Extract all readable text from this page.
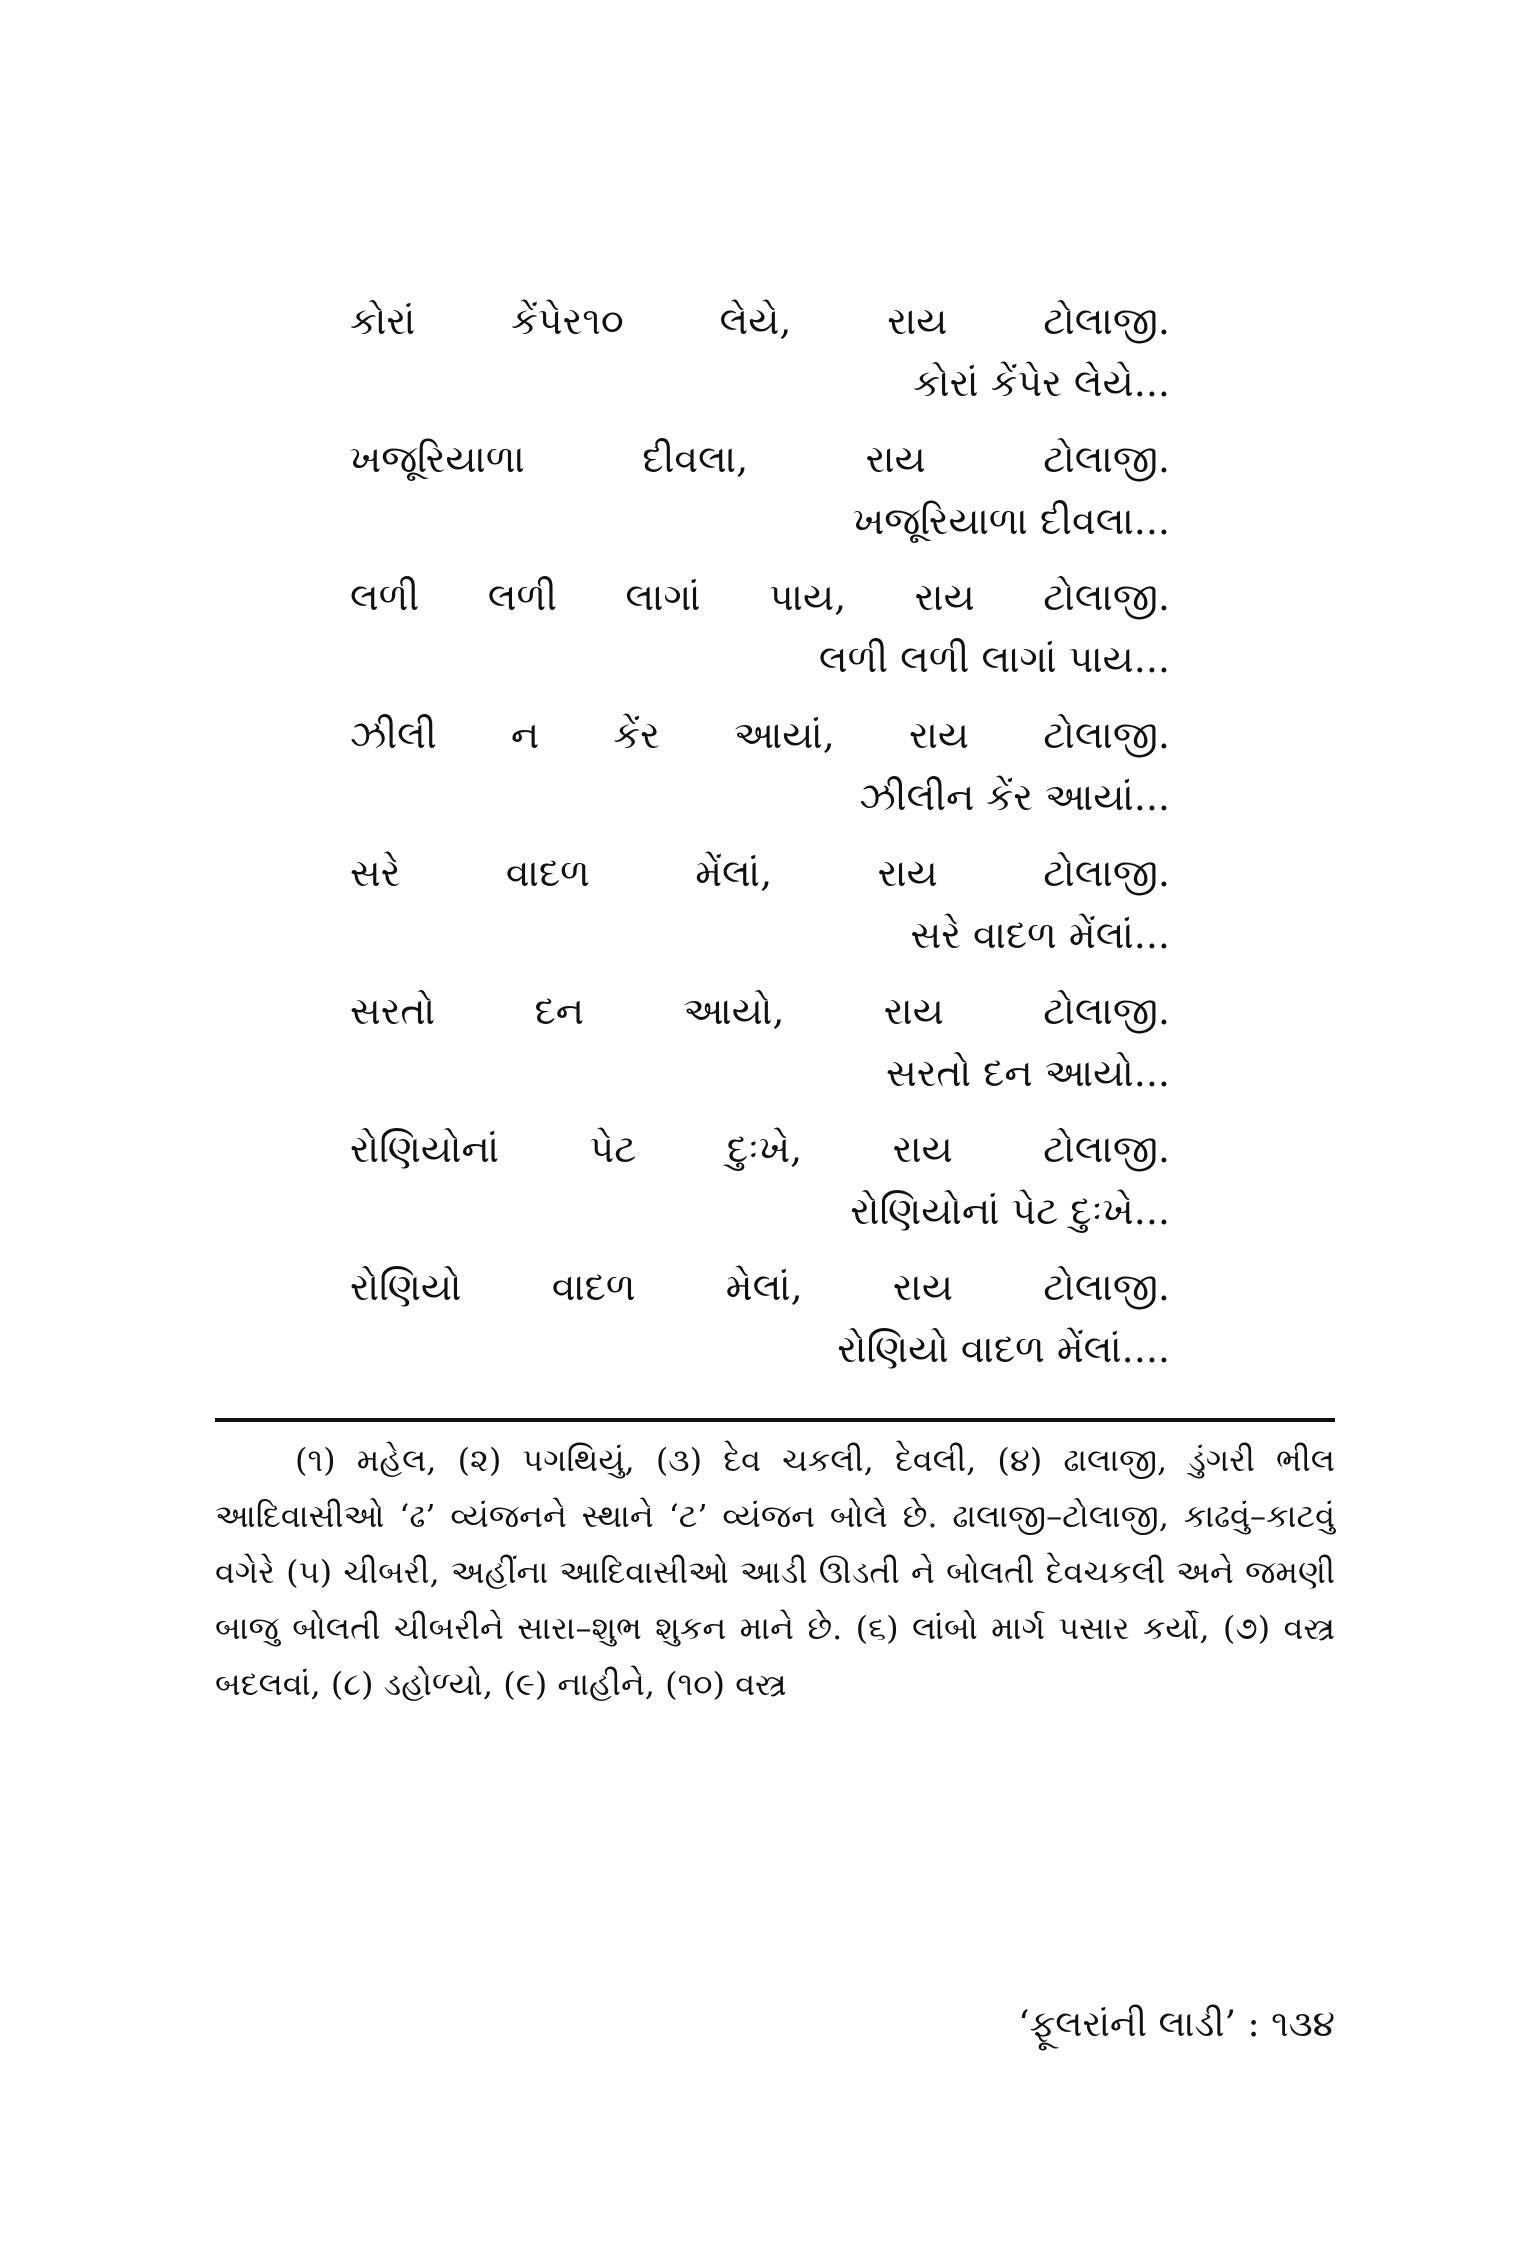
કોરાં કેંપેર૧૦ લેયે, રાય ટોલાજી.
કોરાં કેંપેર લેયે...
ખજૂરિયાળા દીવલા, રાય ટોલાજી.
ખજૂરિયાળા દીવલા...
લળી લળી લાગાં પાય, રાય ટોલાજી.
લળી લળી લાગાં પાય...
ઝીલી ન કેંર આયાં, રાય ટોલાજી.
ઝીલીન કેંર આયાં...
સરે વાદળ મેંલાં, રાય ટોલાજી.
સરે વાદળ મેંલાં...
સરતો દન આયો, રાય ટોલાજી.
સરતો દન આયો...
રોણિયોનાં પેટ દુઃખે, રાય ટોલાજી.
રોણિયોનાં પેટ દુઃખે...
રોણિયો વાદળ મેલાં, રાય ટોલાજી.
રોણિયો વાદળ મેંલાં....
(૧) મહેલ, (૨) પગથિયું, (૩) દેવ ચકલી, દેવલી, (૪) ઢાલાજી, ડુંગરી ભીલ આદિવાસીઓ ‘ઢ’ વ્યંજનને સ્થાને ‘ટ’ વ્યંજન બોલે છે. ઢાલાજી–ટોલાજી, કાઢવું–કાટવું વગેરે (૫) ચીબરી, અહીંના આદિવાસીઓ આડી ઊડતી ને બોલતી દેવચકલી અને જમણી બાજુ બોલતી ચીબરીને સારા–શુભ શુકન માને છે. (૬) લાંબો માર્ગ પસાર કર્યો, (૭) વસ્ત્ર બદલવાં, (૮) ડહોળ્યો, (૯) નાહીને, (૧૦) વસ્ત્ર
‘ફૂલરાંની લાડી’ : ૧૩૪
